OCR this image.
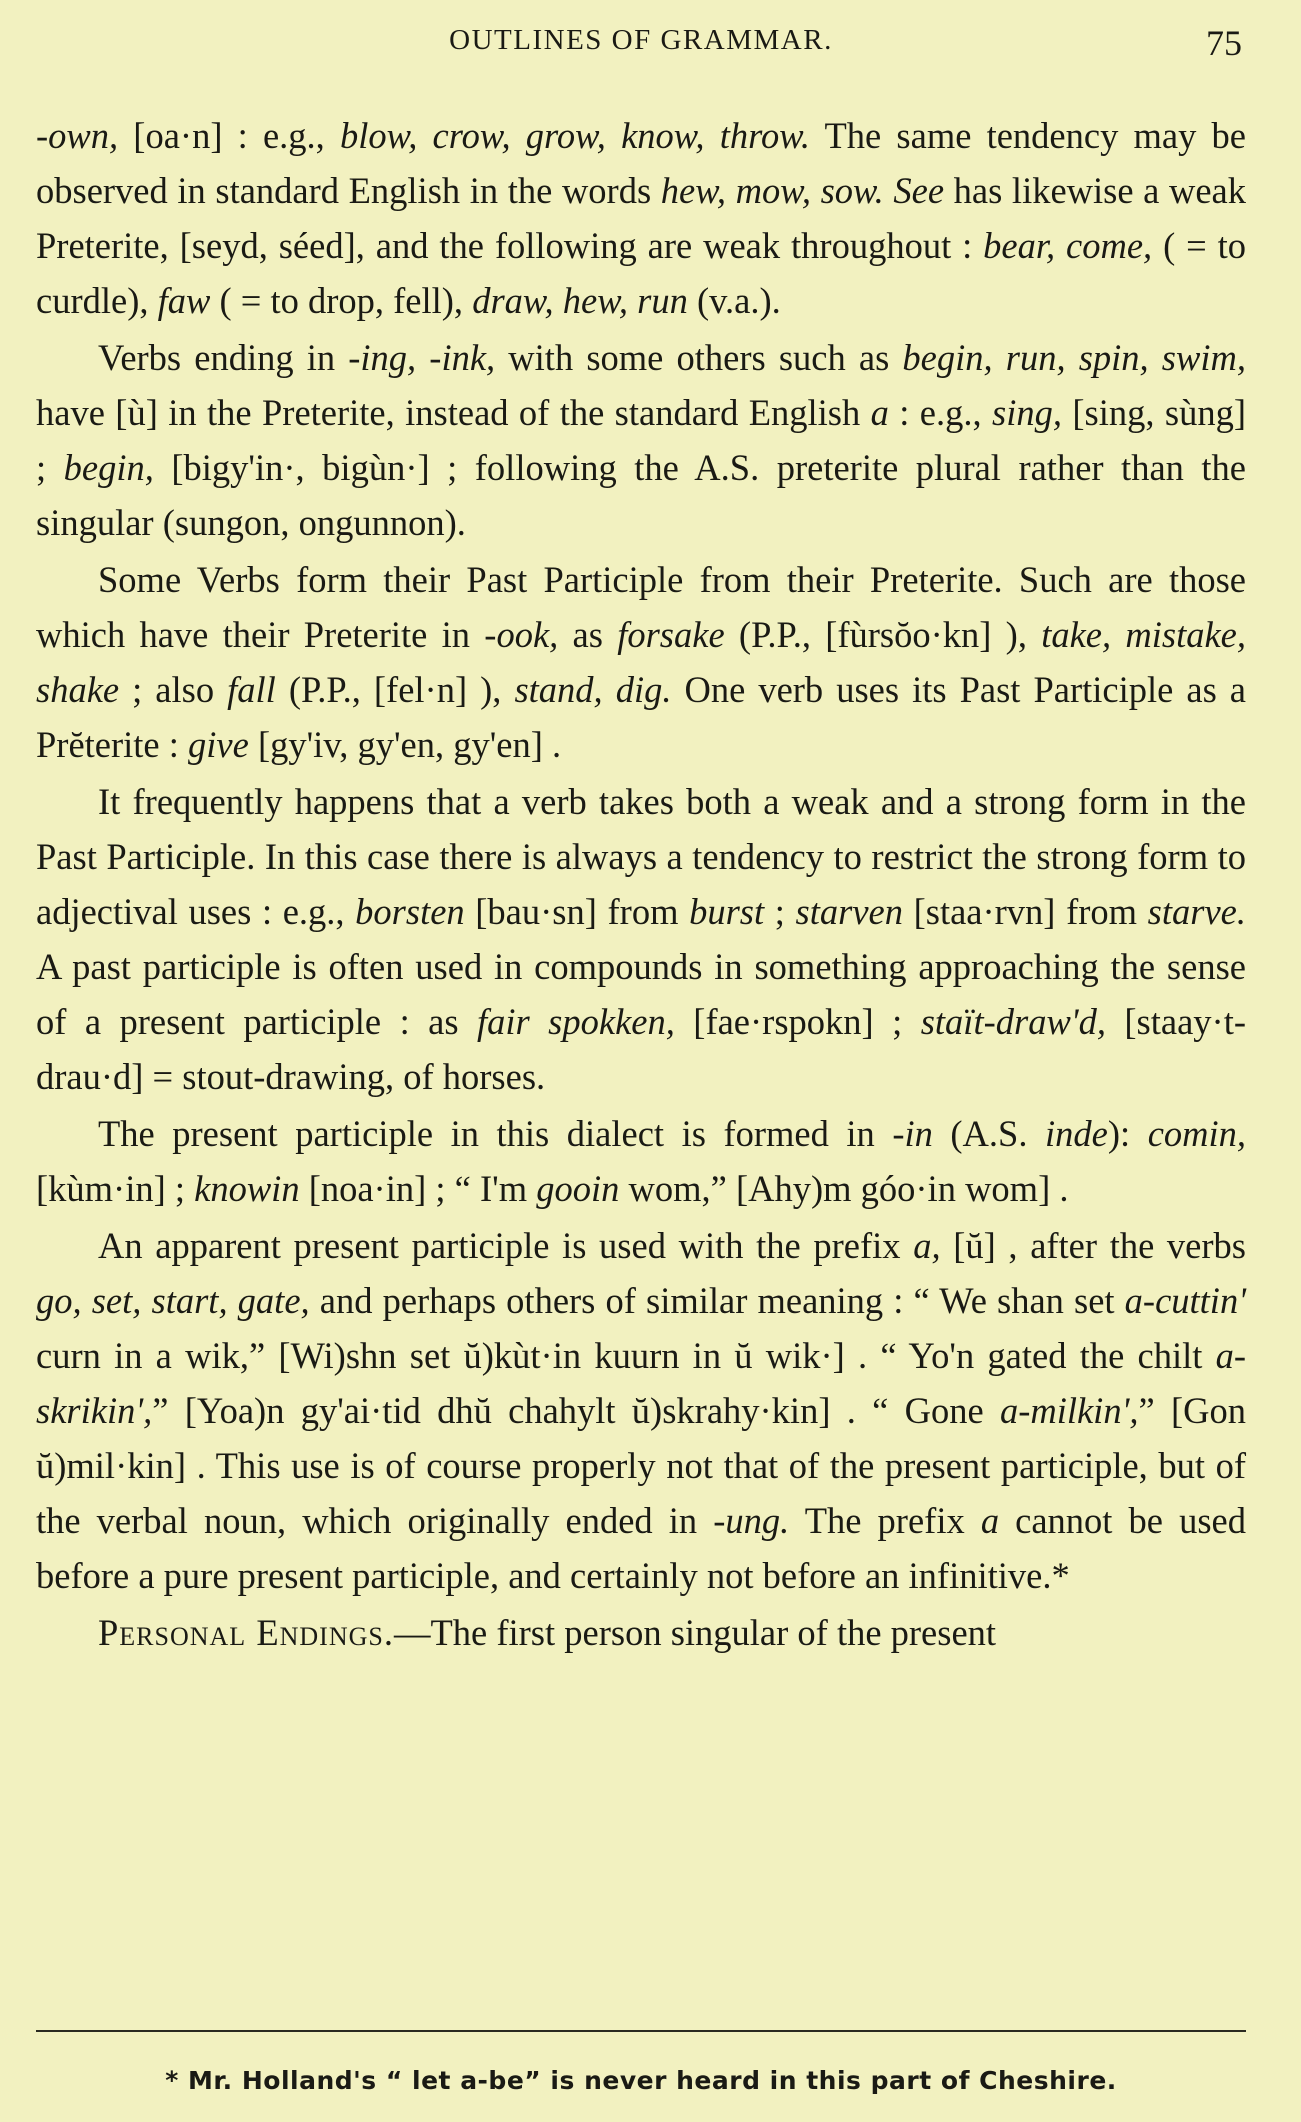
OUTLINES OF GRAMMAR.	75

-own, [oa·n] : e.g., blow, crow, grow, know, throw. The same tendency may be observed in standard English in the words hew, mow, sow. See has likewise a weak Preterite, [seyd, séed], and the following are weak throughout : bear, come, ( = to curdle), faw ( = to drop, fell), draw, hew, run (v.a.).

Verbs ending in -ing, -ink, with some others such as begin, run, spin, swim, have [ù] in the Preterite, instead of the standard English a : e.g., sing, [sing, sùng] ; begin, [bigy'in·, bigùn·] ; following the A.S. preterite plural rather than the singular (sungon, ongunnon).

Some Verbs form their Past Participle from their Preterite. Such are those which have their Preterite in -ook, as forsake (P.P., [fùrsŏo·kn] ), take, mistake, shake ; also fall (P.P., [fel·n] ), stand, dig. One verb uses its Past Participle as a Prĕterite : give [gy'iv, gy'en, gy'en] .

It frequently happens that a verb takes both a weak and a strong form in the Past Participle. In this case there is always a tendency to restrict the strong form to adjectival uses : e.g., borsten [bau·sn] from burst ; starven [staa·rvn] from starve. A past participle is often used in compounds in something approaching the sense of a present participle : as fair spokken, [fae·rspokn] ; staït-draw'd, [staay·t-drau·d] = stout-drawing, of horses.

The present participle in this dialect is formed in -in (A.S. inde): comin, [kùm·in] ; knowin [noa·in] ; “ I'm gooin wom,” [Ahy)m góo·in wom] .

An apparent present participle is used with the prefix a, [ŭ] , after the verbs go, set, start, gate, and perhaps others of similar meaning : “ We shan set a-cuttin' curn in a wik,” [Wi)shn set ŭ)kùt·in kuurn in ŭ wik·] . “ Yo'n gated the chilt a-skrikin',” [Yoa)n gy'ai·tid dhŭ chahylt ŭ)skrahy·kin] . “ Gone a-milkin',” [Gon ŭ)mil·kin] . This use is of course properly not that of the present participle, but of the verbal noun, which originally ended in -ung. The prefix a cannot be used before a pure present participle, and certainly not before an infinitive.*

Personal Endings.—The first person singular of the present

* Mr. Holland's “ let a-be” is never heard in this part of Cheshire.
